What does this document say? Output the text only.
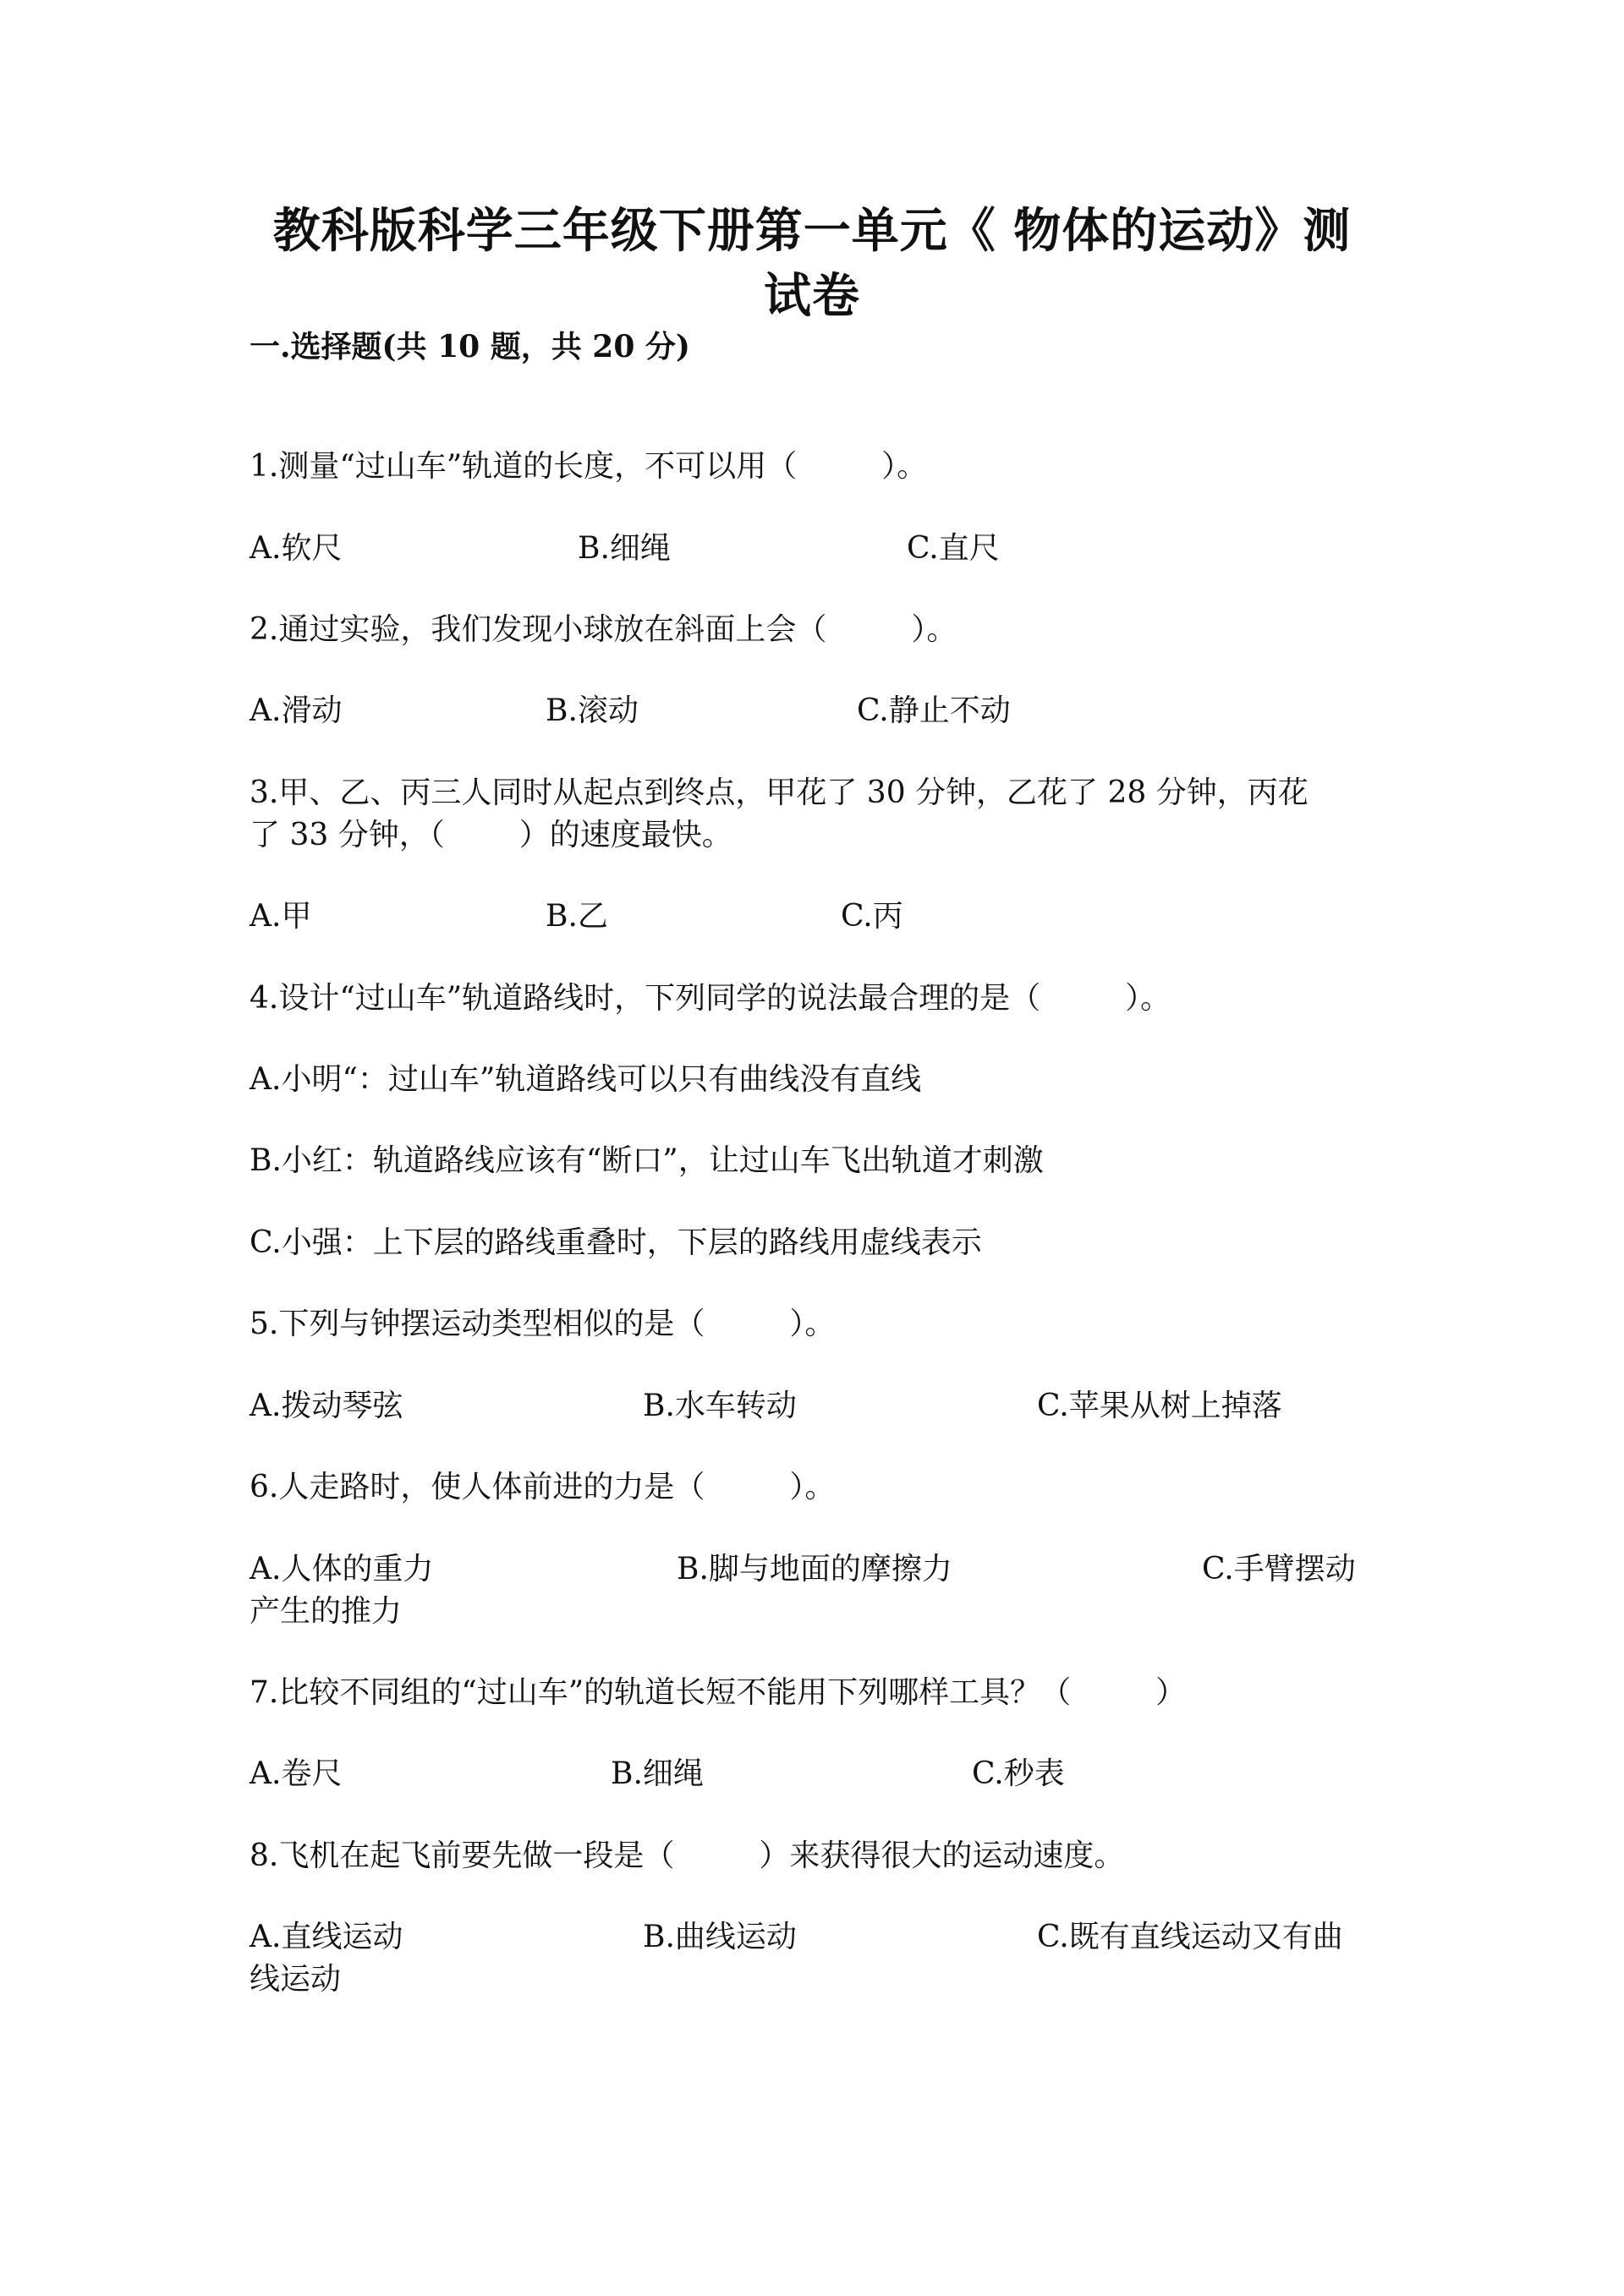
教科版科学三年级下册第一单元《 物体的运动》测
试卷
一.选择题(共 10 题，共 20 分)
1.测量“过山车”轨道的长度，不可以用（	）。
A.软尺	B.细绳	C.直尺
2.通过实验，我们发现小球放在斜面上会（	）。
A.滑动	B.滚动	C.静止不动
3.甲、乙、丙三人同时从起点到终点，甲花了 30 分钟，乙花了 28 分钟，丙花
了 33 分钟，（ ）的速度最快。
A.甲	B.乙	C.丙
4.设计“过山车”轨道路线时，下列同学的说法最合理的是（	）。
A.小明“：过山车”轨道路线可以只有曲线没有直线
B.小红：轨道路线应该有“断口”，让过山车飞出轨道才刺激
C.小强：上下层的路线重叠时，下层的路线用虚线表示
5.下列与钟摆运动类型相似的是（	）。
A.拨动琴弦	B.水车转动	C.苹果从树上掉落
6.人走路时，使人体前进的力是（	）。
A.人体的重力	B.脚与地面的摩擦力	C.手臂摆动
产生的推力
7.比较不同组的“过山车”的轨道长短不能用下列哪样工具？（	）
A.卷尺	B.细绳	C.秒表
8.飞机在起飞前要先做一段是（	）来获得很大的运动速度。
A.直线运动	B.曲线运动	C.既有直线运动又有曲
线运动
